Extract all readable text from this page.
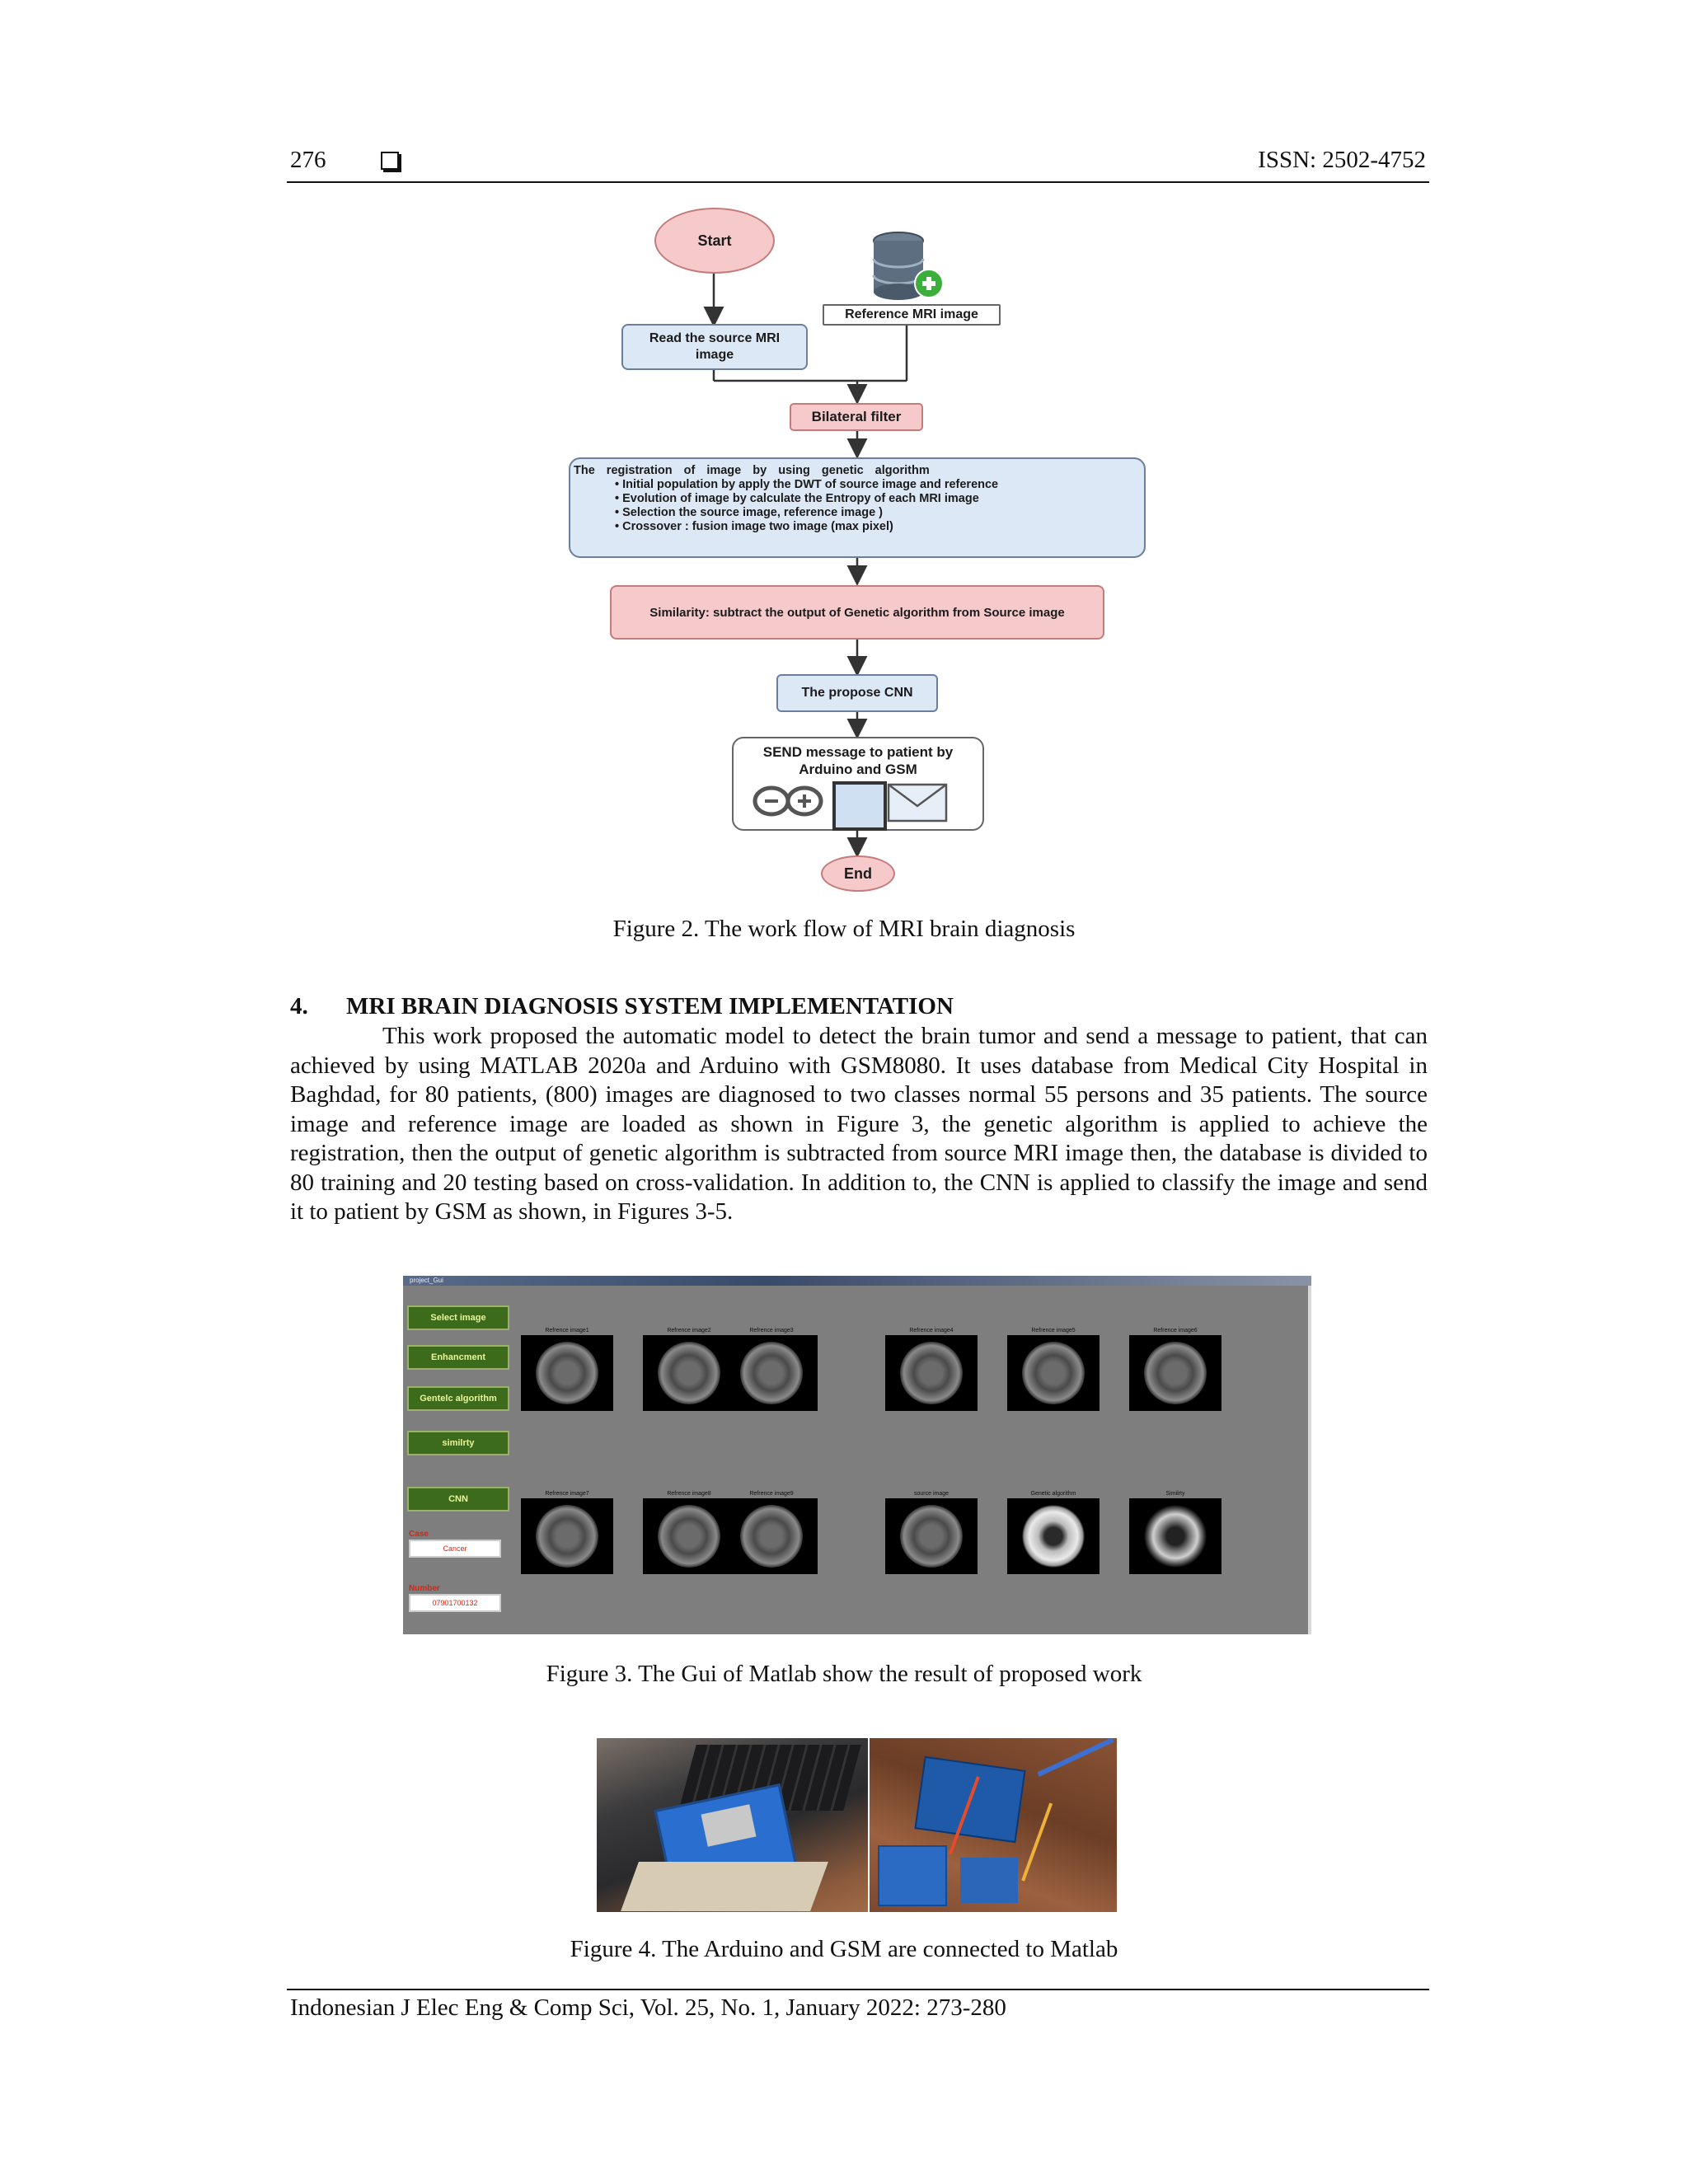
276	ISSN: 2502-4752
Start
Reference MRI image
Read the source MRI image
Bilateral filter
The registration of image by using genetic algorithm
• Initial population by apply the DWT of source image and reference
• Evolution of image by calculate the Entropy of each MRI image
• Selection the source image, reference image )
• Crossover : fusion image two image (max pixel)
Similarity: subtract the output of Genetic algorithm from Source image
The propose CNN
SEND message to patient by Arduino and GSM
End
Figure 2. The work flow of MRI brain diagnosis
4. MRI BRAIN DIAGNOSIS SYSTEM IMPLEMENTATION

This work proposed the automatic model to detect the brain tumor and send a message to patient, that can achieved by using MATLAB 2020a and Arduino with GSM8080. It uses database from Medical City Hospital in Baghdad, for 80 patients, (800) images are diagnosed to two classes normal 55 persons and 35 patients. The source image and reference image are loaded as shown in Figure 3, the genetic algorithm is applied to achieve the registration, then the output of genetic algorithm is subtracted from source MRI image then, the database is divided to 80 training and 20 testing based on cross-validation. In addition to, the CNN is applied to classify the image and send it to patient by GSM as shown, in Figures 3-5.

project_Gui
Select image
Enhancment
Gentelc algorithm
similrty
CNN
Case
Cancer
Number
07901700132
Refrence image1	Refrence image2	Refrence image3	Refrence image4	Refrence image5	Refrence image6
Refrence image7	Refrence image8	Refrence image9	source image	Genetic algorithm	Similrty
Figure 3. The Gui of Matlab show the result of proposed work
Figure 4. The Arduino and GSM are connected to Matlab
Indonesian J Elec Eng & Comp Sci, Vol. 25, No. 1, January 2022: 273-280
